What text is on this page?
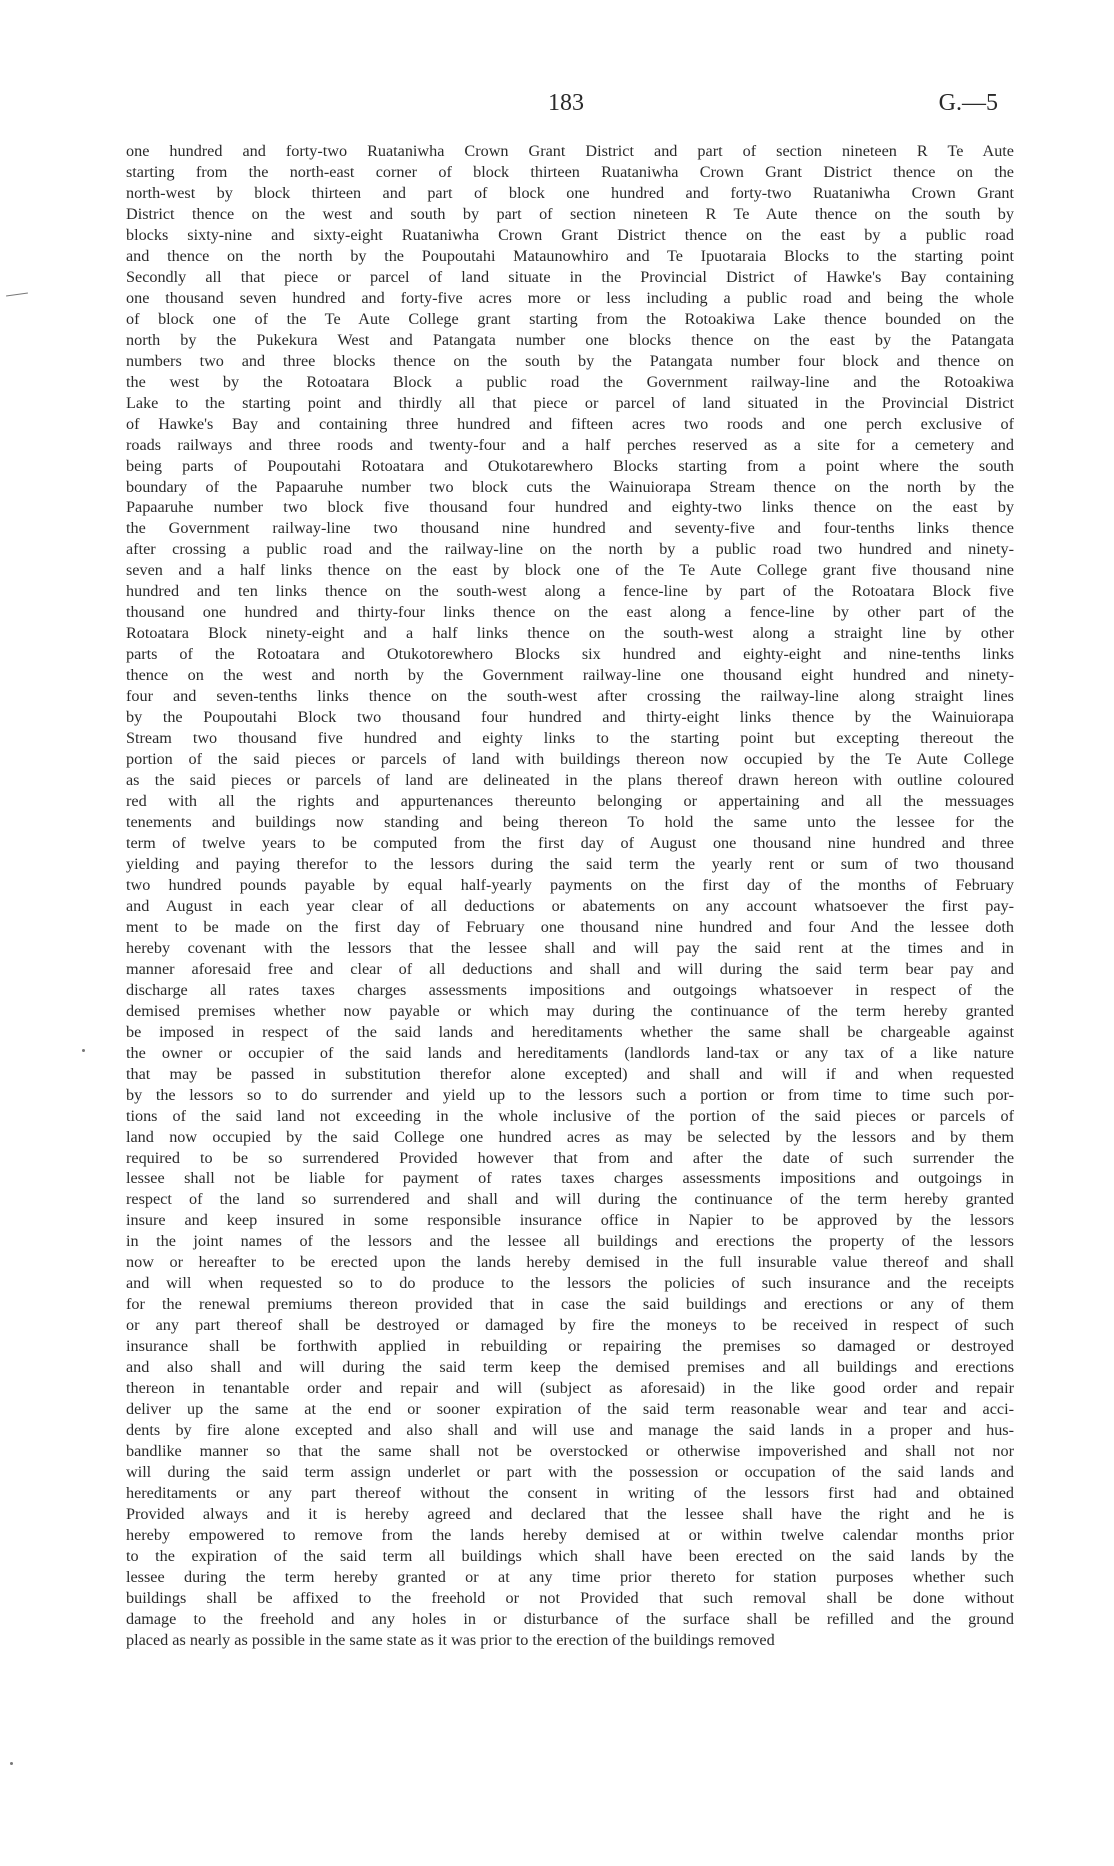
183	G.—5
one hundred and forty-two Ruataniwha Crown Grant District and part of section nineteen R Te Aute
starting from the north-east corner of block thirteen Ruataniwha Crown Grant District thence on the
north-west by block thirteen and part of block one hundred and forty-two Ruataniwha Crown Grant
District thence on the west and south by part of section nineteen R Te Aute thence on the south by
blocks sixty-nine and sixty-eight Ruataniwha Crown Grant District thence on the east by a public road
and thence on the north by the Poupoutahi Mataunowhiro and Te Ipuotaraia Blocks to the starting point
Secondly all that piece or parcel of land situate in the Provincial District of Hawke's Bay containing
one thousand seven hundred and forty-five acres more or less including a public road and being the whole
of block one of the Te Aute College grant starting from the Rotoakiwa Lake thence bounded on the
north by the Pukekura West and Patangata number one blocks thence on the east by the Patangata
numbers two and three blocks thence on the south by the Patangata number four block and thence on
the west by the Rotoatara Block a public road the Government railway-line and the Rotoakiwa
Lake to the starting point and thirdly all that piece or parcel of land situated in the Provincial District
of Hawke's Bay and containing three hundred and fifteen acres two roods and one perch exclusive of
roads railways and three roods and twenty-four and a half perches reserved as a site for a cemetery and
being parts of Poupoutahi Rotoatara and Otukotarewhero Blocks starting from a point where the south
boundary of the Papaaruhe number two block cuts the Wainuiorapa Stream thence on the north by the
Papaaruhe number two block five thousand four hundred and eighty-two links thence on the east by
the Government railway-line two thousand nine hundred and seventy-five and four-tenths links thence
after crossing a public road and the railway-line on the north by a public road two hundred and ninety-
seven and a half links thence on the east by block one of the Te Aute College grant five thousand nine
hundred and ten links thence on the south-west along a fence-line by part of the Rotoatara Block five
thousand one hundred and thirty-four links thence on the east along a fence-line by other part of the
Rotoatara Block ninety-eight and a half links thence on the south-west along a straight line by other
parts of the Rotoatara and Otukotorewhero Blocks six hundred and eighty-eight and nine-tenths links
thence on the west and north by the Government railway-line one thousand eight hundred and ninety-
four and seven-tenths links thence on the south-west after crossing the railway-line along straight lines
by the Poupoutahi Block two thousand four hundred and thirty-eight links thence by the Wainuiorapa
Stream two thousand five hundred and eighty links to the starting point but excepting thereout the
portion of the said pieces or parcels of land with buildings thereon now occupied by the Te Aute College
as the said pieces or parcels of land are delineated in the plans thereof drawn hereon with outline coloured
red with all the rights and appurtenances thereunto belonging or appertaining and all the messuages
tenements and buildings now standing and being thereon To hold the same unto the lessee for the
term of twelve years to be computed from the first day of August one thousand nine hundred and three
yielding and paying therefor to the lessors during the said term the yearly rent or sum of two thousand
two hundred pounds payable by equal half-yearly payments on the first day of the months of February
and August in each year clear of all deductions or abatements on any account whatsoever the first pay-
ment to be made on the first day of February one thousand nine hundred and four And the lessee doth
hereby covenant with the lessors that the lessee shall and will pay the said rent at the times and in
manner aforesaid free and clear of all deductions and shall and will during the said term bear pay and
discharge all rates taxes charges assessments impositions and outgoings whatsoever in respect of the
demised premises whether now payable or which may during the continuance of the term hereby granted
be imposed in respect of the said lands and hereditaments whether the same shall be chargeable against
the owner or occupier of the said lands and hereditaments (landlords land-tax or any tax of a like nature
that may be passed in substitution therefor alone excepted) and shall and will if and when requested
by the lessors so to do surrender and yield up to the lessors such a portion or from time to time such por-
tions of the said land not exceeding in the whole inclusive of the portion of the said pieces or parcels of
land now occupied by the said College one hundred acres as may be selected by the lessors and by them
required to be so surrendered Provided however that from and after the date of such surrender the
lessee shall not be liable for payment of rates taxes charges assessments impositions and outgoings in
respect of the land so surrendered and shall and will during the continuance of the term hereby granted
insure and keep insured in some responsible insurance office in Napier to be approved by the lessors
in the joint names of the lessors and the lessee all buildings and erections the property of the lessors
now or hereafter to be erected upon the lands hereby demised in the full insurable value thereof and shall
and will when requested so to do produce to the lessors the policies of such insurance and the receipts
for the renewal premiums thereon provided that in case the said buildings and erections or any of them
or any part thereof shall be destroyed or damaged by fire the moneys to be received in respect of such
insurance shall be forthwith applied in rebuilding or repairing the premises so damaged or destroyed
and also shall and will during the said term keep the demised premises and all buildings and erections
thereon in tenantable order and repair and will (subject as aforesaid) in the like good order and repair
deliver up the same at the end or sooner expiration of the said term reasonable wear and tear and acci-
dents by fire alone excepted and also shall and will use and manage the said lands in a proper and hus-
bandlike manner so that the same shall not be overstocked or otherwise impoverished and shall not nor
will during the said term assign underlet or part with the possession or occupation of the said lands and
hereditaments or any part thereof without the consent in writing of the lessors first had and obtained
Provided always and it is hereby agreed and declared that the lessee shall have the right and he is
hereby empowered to remove from the lands hereby demised at or within twelve calendar months prior
to the expiration of the said term all buildings which shall have been erected on the said lands by the
lessee during the term hereby granted or at any time prior thereto for station purposes whether such
buildings shall be affixed to the freehold or not Provided that such removal shall be done without
damage to the freehold and any holes in or disturbance of the surface shall be refilled and the ground
placed as nearly as possible in the same state as it was prior to the erection of the buildings removed
